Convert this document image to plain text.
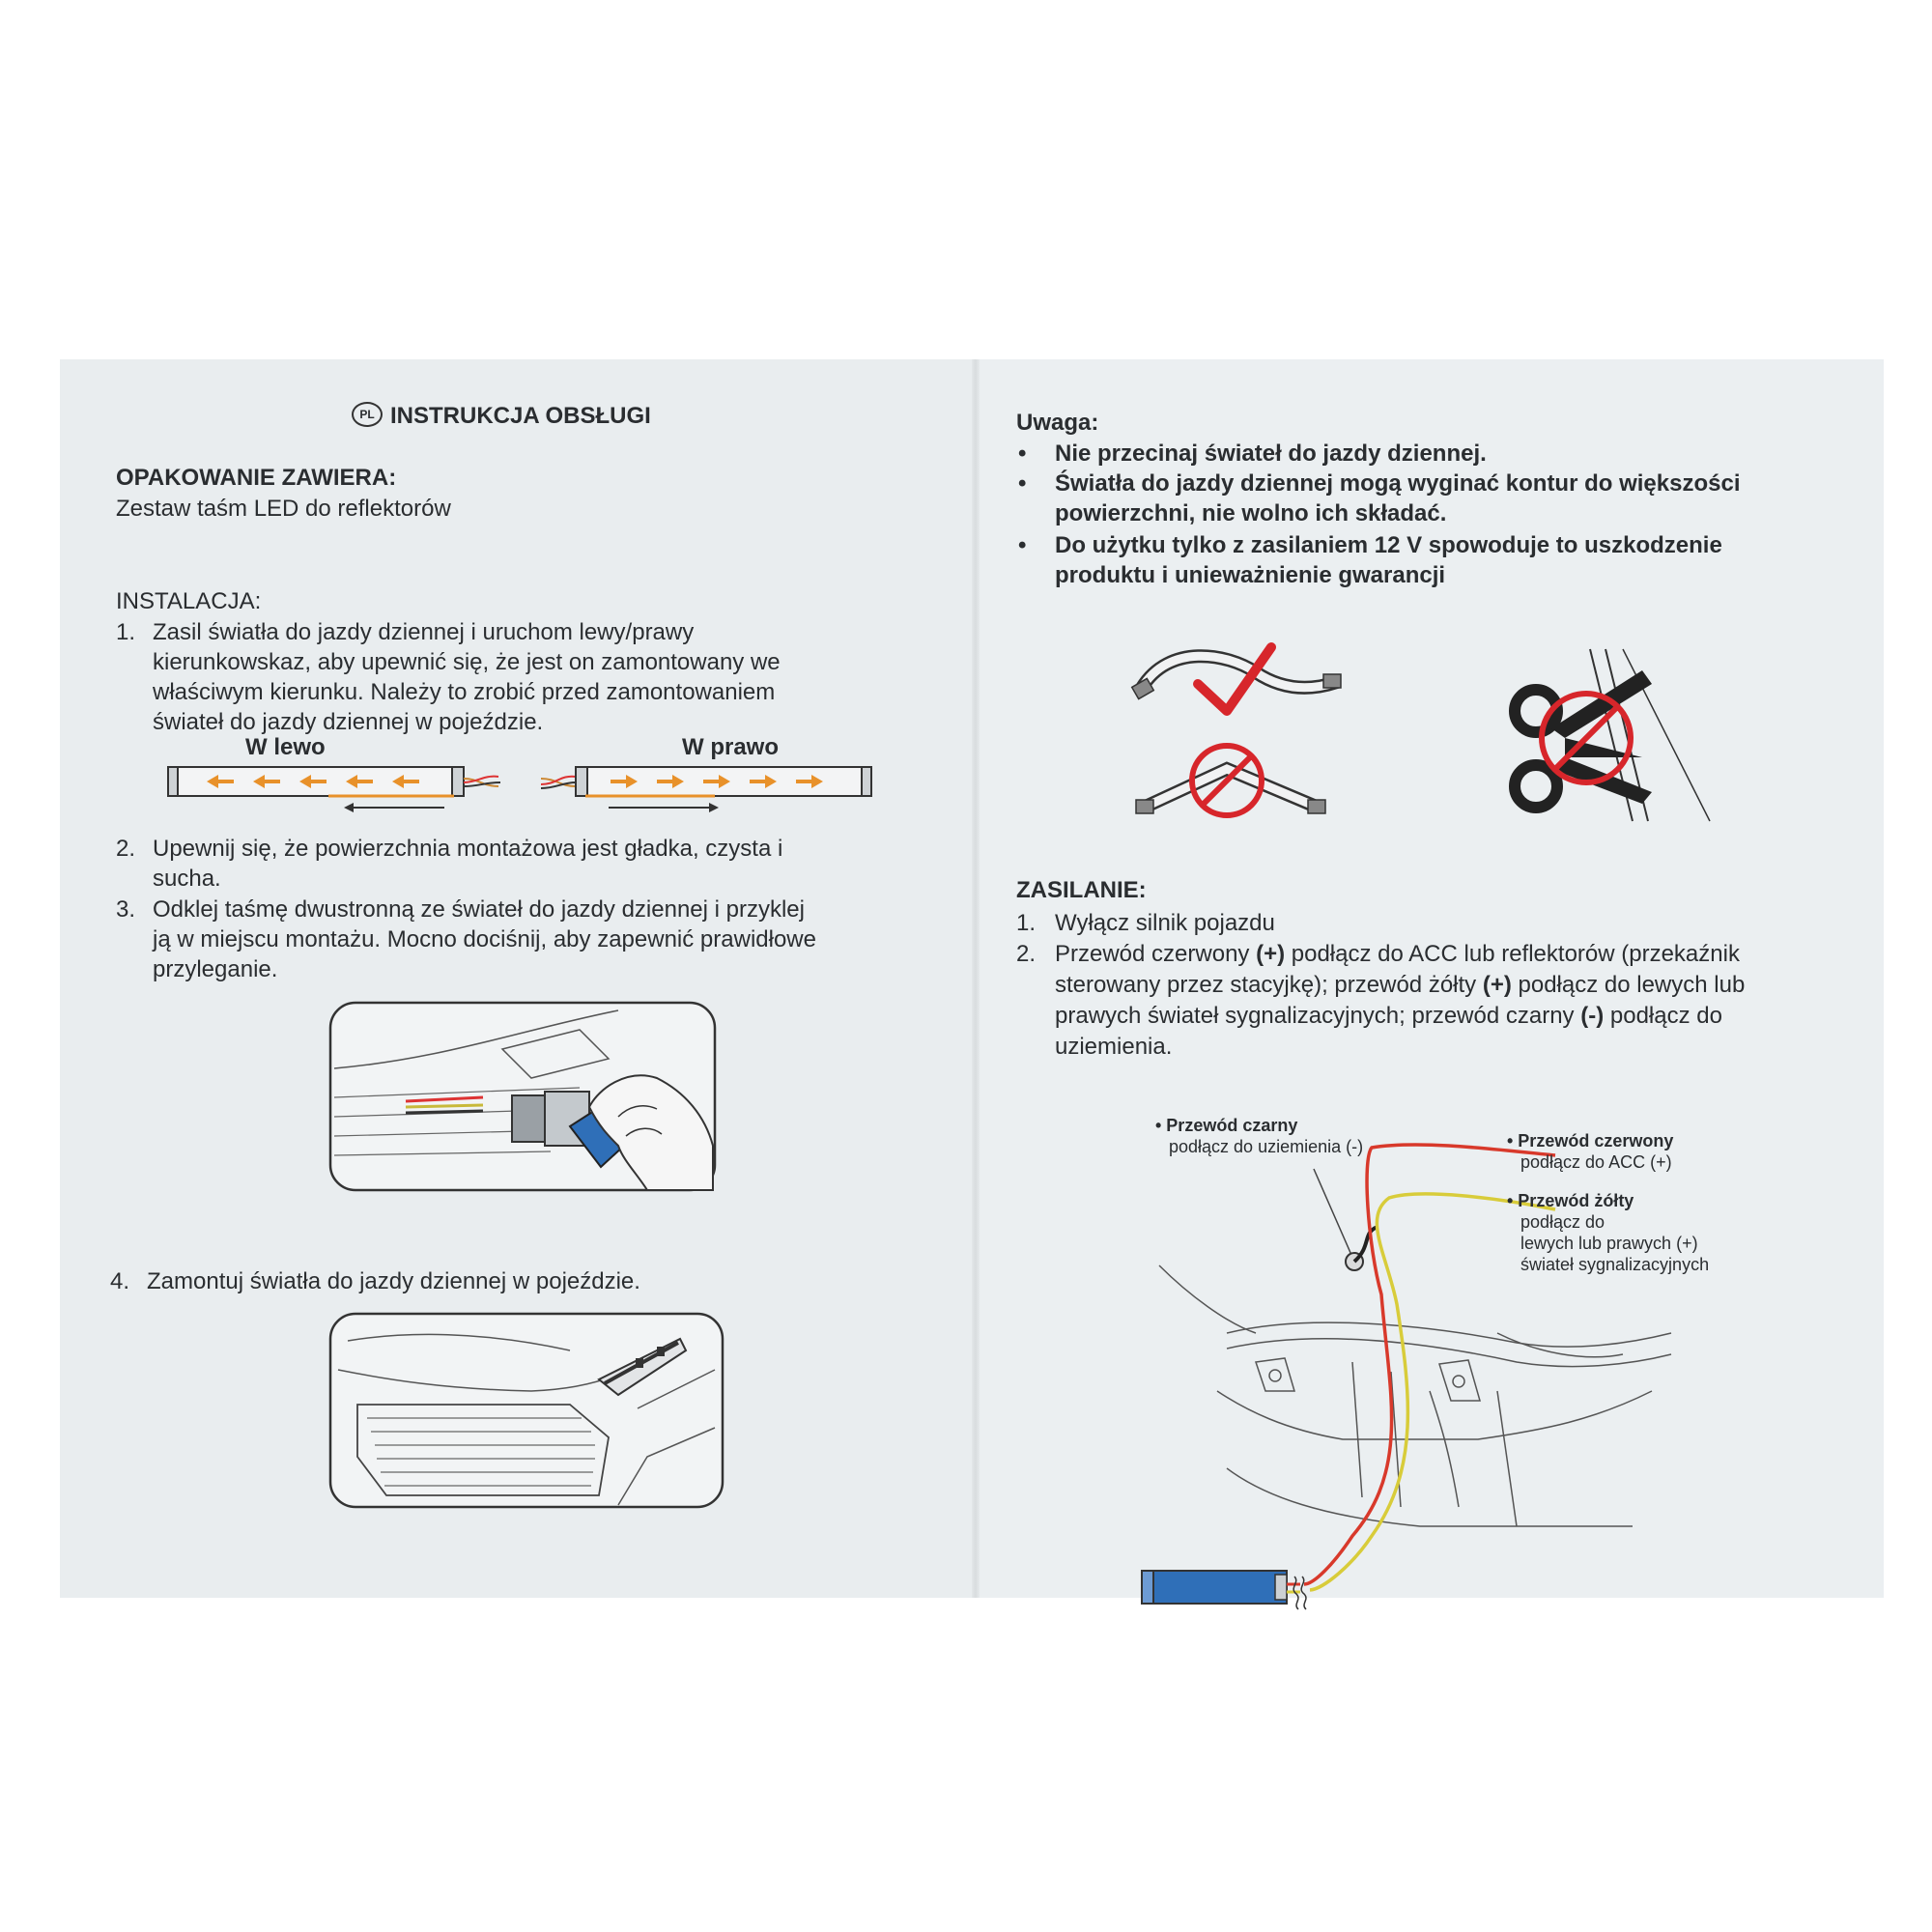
PL INSTRUKCJA OBSŁUGI
OPAKOWANIE ZAWIERA:
Zestaw taśm LED do reflektorów
INSTALACJA:
1. Zasil światła do jazdy dziennej i uruchom lewy/prawy
kierunkowskaz, aby upewnić się, że jest on zamontowany we
właściwym kierunku. Należy to zrobić przed zamontowaniem
świateł do jazdy dziennej w pojeździe.
W lewo	W prawo
2. Upewnij się, że powierzchnia montażowa jest gładka, czysta i
sucha.
3. Odklej taśmę dwustronną ze świateł do jazdy dziennej i przyklej
ją w miejscu montażu. Mocno dociśnij, aby zapewnić prawidłowe
przyleganie.
4. Zamontuj światła do jazdy dziennej w pojeździe.
Uwaga:
• Nie przecinaj świateł do jazdy dziennej.
• Światła do jazdy dziennej mogą wyginać kontur do większości
powierzchni, nie wolno ich składać.
• Do użytku tylko z zasilaniem 12 V spowoduje to uszkodzenie
produktu i unieważnienie gwarancji
ZASILANIE:
1. Wyłącz silnik pojazdu
2. Przewód czerwony (+) podłącz do ACC lub reflektorów (przekaźnik
sterowany przez stacyjkę); przewód żółty (+) podłącz do lewych lub
prawych świateł sygnalizacyjnych; przewód czarny (-) podłącz do
uziemienia.
• Przewód czarny
podłącz do uziemienia (-)	• Przewód czerwony
podłącz do ACC (+)
• Przewód żółty
podłącz do
lewych lub prawych (+)
świateł sygnalizacyjnych
